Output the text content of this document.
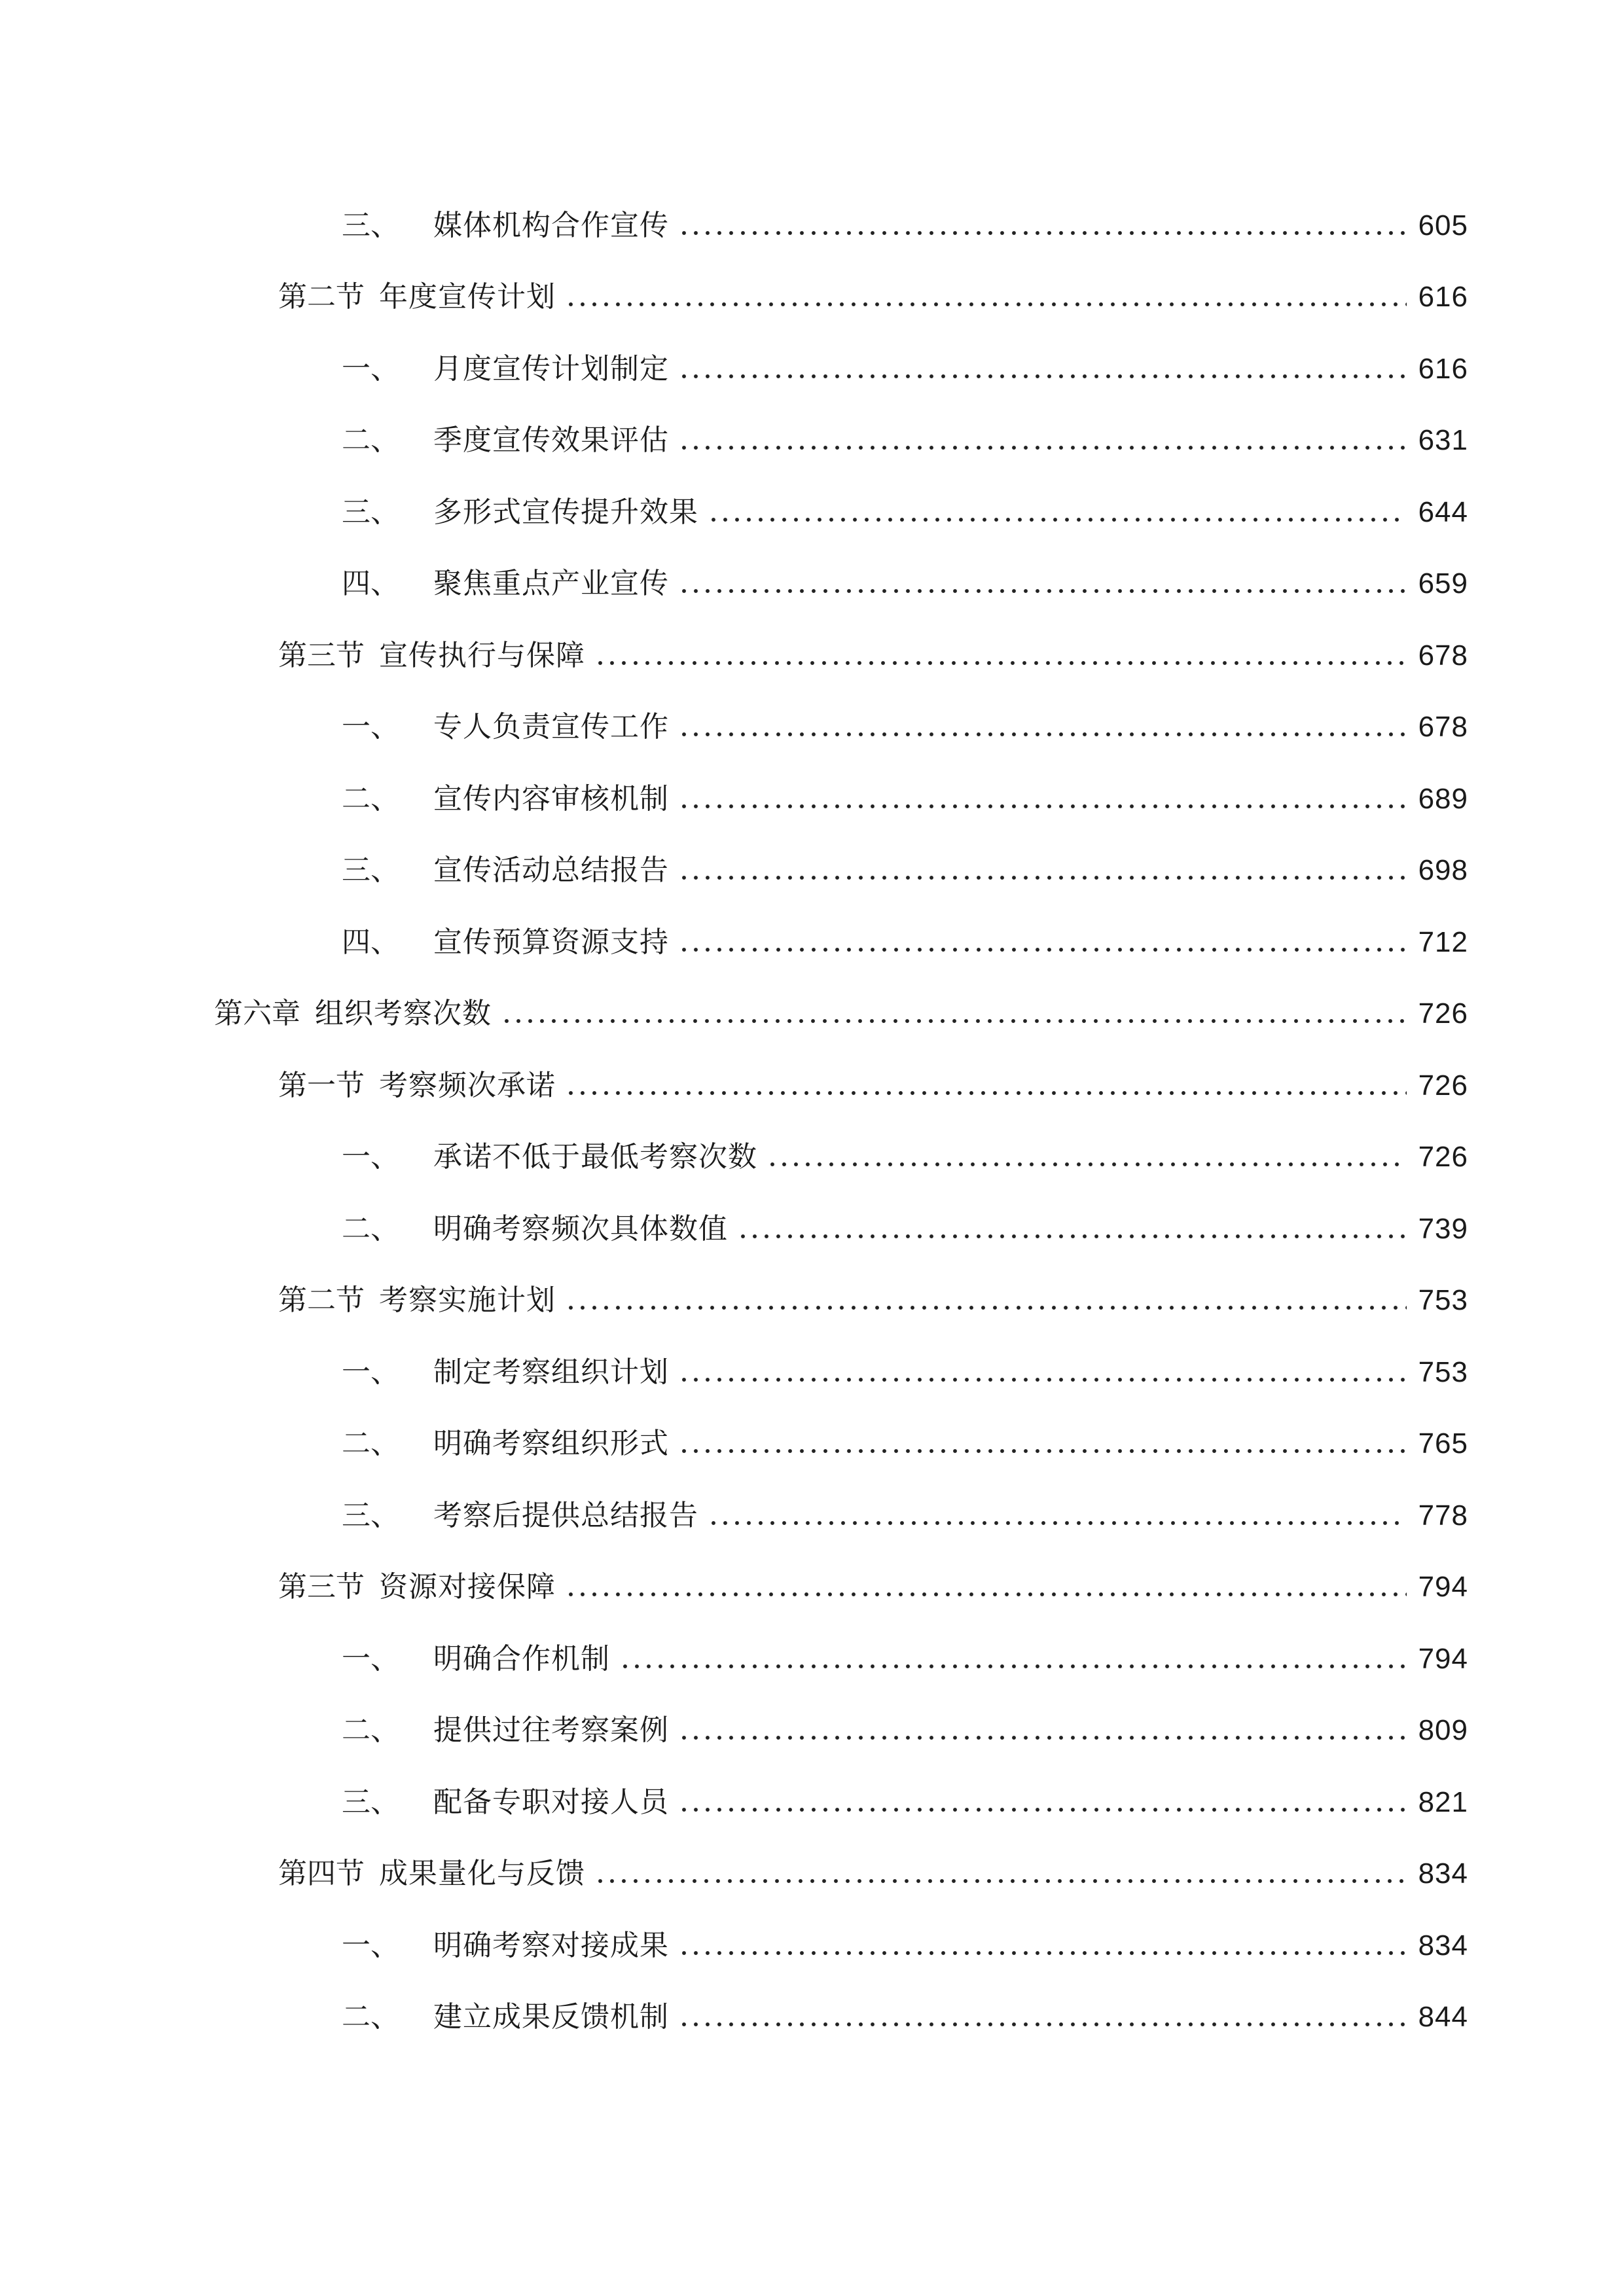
三、 媒体机构合作宣传	605
第二节 年度宣传计划	616
一、 月度宣传计划制定	616
二、 季度宣传效果评估	631
三、 多形式宣传提升效果	644
四、 聚焦重点产业宣传	659
第三节 宣传执行与保障	678
一、 专人负责宣传工作	678
二、 宣传内容审核机制	689
三、 宣传活动总结报告	698
四、 宣传预算资源支持	712
第六章 组织考察次数	726
第一节 考察频次承诺	726
一、 承诺不低于最低考察次数	726
二、 明确考察频次具体数值	739
第二节 考察实施计划	753
一、 制定考察组织计划	753
二、 明确考察组织形式	765
三、 考察后提供总结报告	778
第三节 资源对接保障	794
一、 明确合作机制	794
二、 提供过往考察案例	809
三、 配备专职对接人员	821
第四节 成果量化与反馈	834
一、 明确考察对接成果	834
二、 建立成果反馈机制	844
